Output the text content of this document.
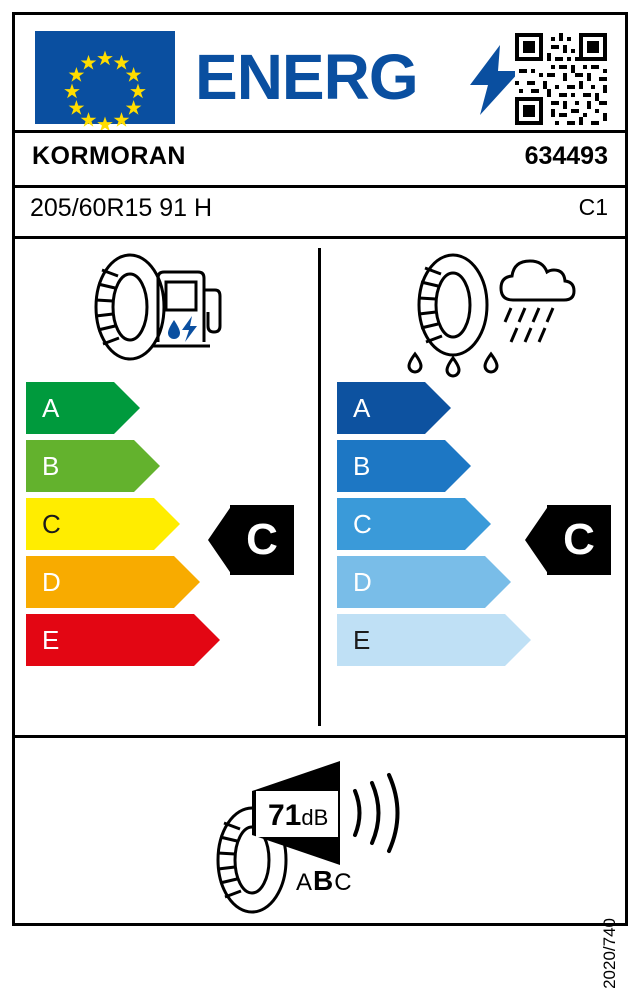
ENERG
KORMORAN	634493
205/60R15 91 H	C1
A
B
C
D
E
A
B
C
D
E
C	C
71dB
ABC
2020/740
